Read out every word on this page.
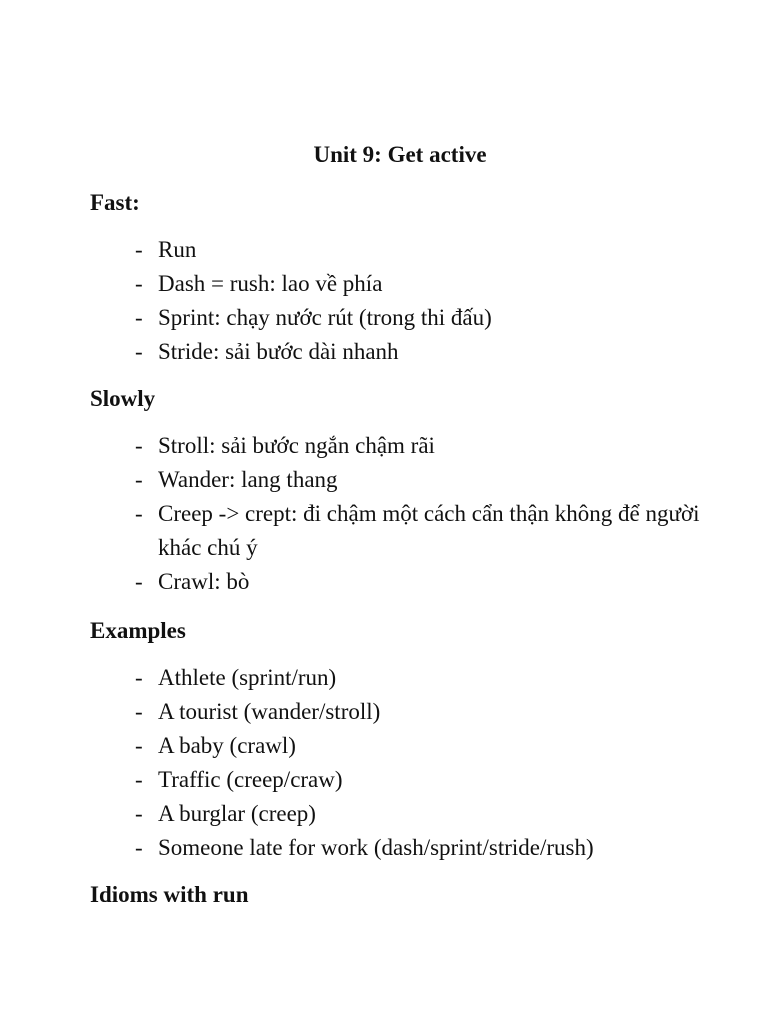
Unit 9: Get active
Fast:
- Run
- Dash = rush: lao về phía
- Sprint: chạy nước rút (trong thi đấu)
- Stride: sải bước dài nhanh
Slowly
- Stroll: sải bước ngắn chậm rãi
- Wander: lang thang
- Creep -> crept: đi chậm một cách cẩn thận không để người khác chú ý
- Crawl: bò
Examples
- Athlete (sprint/run)
- A tourist (wander/stroll)
- A baby (crawl)
- Traffic (creep/craw)
- A burglar (creep)
- Someone late for work (dash/sprint/stride/rush)
Idioms with run
